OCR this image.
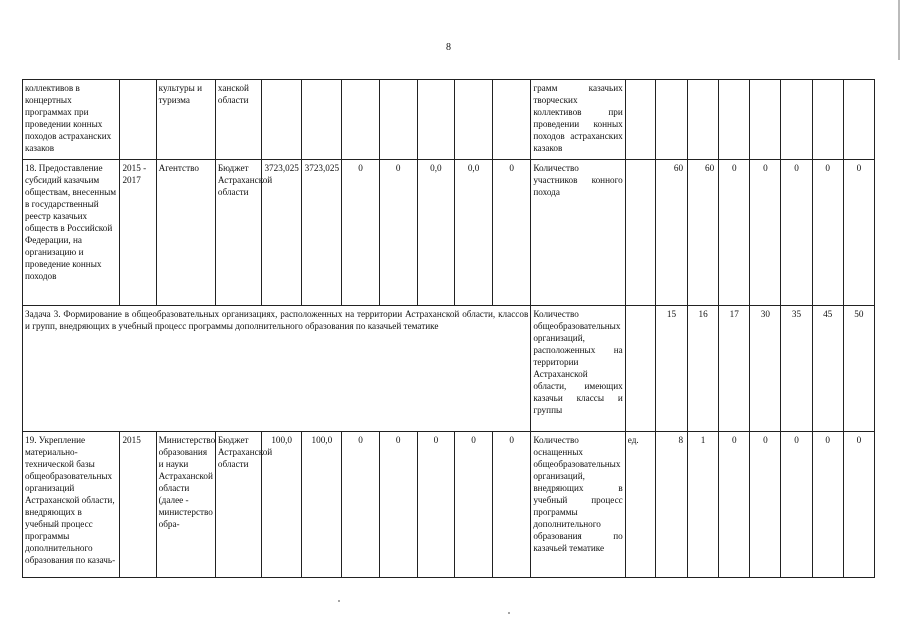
8
коллективов в концертных программах при проведении конных походов астраханских казаков		культуры и туризма	ханской области								грамм казачьих творческих коллективов при проведении конных походов астраханских казаков								
18. Предоставление субсидий казачьим обществам, внесенным в государственный реестр казачьих обществ в Российской Федерации, на организацию и проведение конных походов	2015 - 2017	Агентство	Бюджет Астраханской области	3723,025	3723,025	0	0	0,0	0,0	0	Количество участников конного похода		60	60	0	0	0	0	0
Задача 3. Формирование в общеобразовательных организациях, расположенных на территории Астраханской области, классов и групп, внедряющих в учебный процесс программы дополнительного образования по казачьей тематике											Количество общеобразовательных организаций, расположенных на территории Астраханской области, имеющих казачьи классы и группы		15	16	17	30	35	45	50
19. Укрепление материально- технической базы общеобразовательных организаций Астраханской области, внедряющих в учебный процесс программы дополнительного образования по казачь-	2015	Министерство образования и науки Астраханской области (далее - министерство обра-	Бюджет Астраханской области	100,0	100,0	0	0	0	0	0	Количество оснащенных общеобразовательных организаций, внедряющих в учебный процесс программы дополнительного образования по казачьей тематике	ед.	8	1	0	0	0	0	0
